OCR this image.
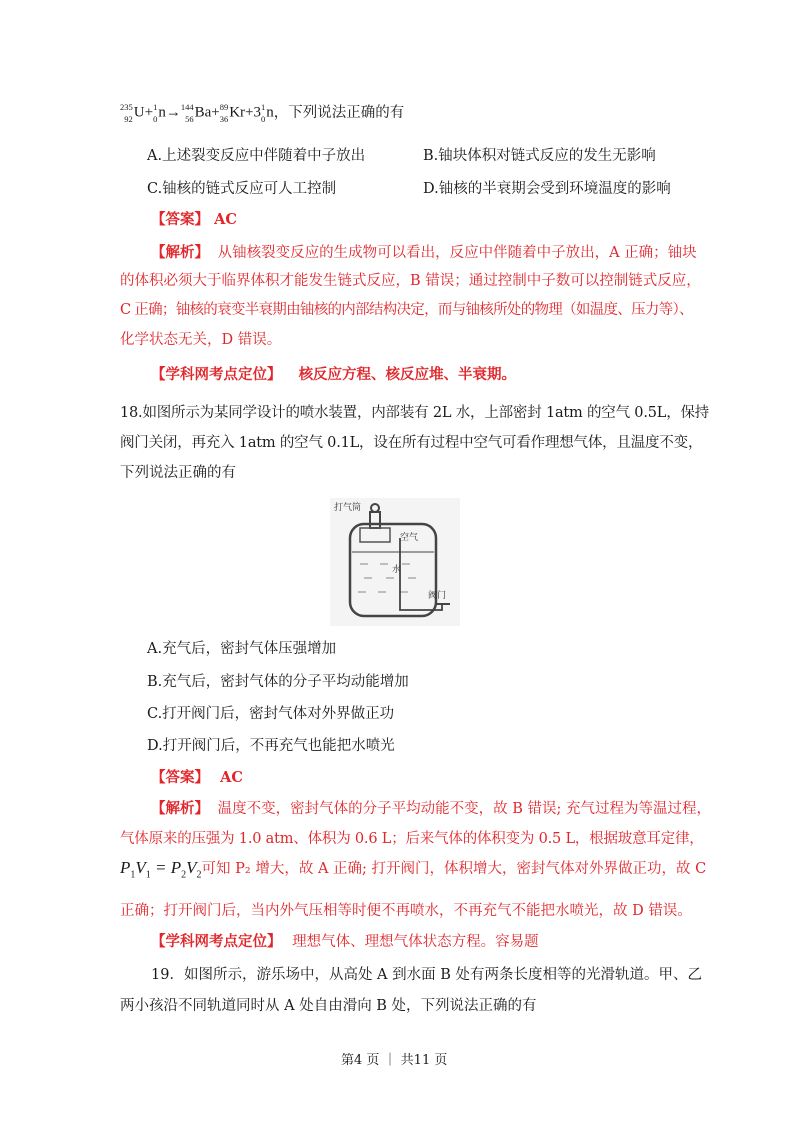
235
92 U+ 1
0 n→ 144
56 Ba+ 89
36 Kr+3 1
0 n，下列说法正确的有
A.上述裂变反应中伴随着中子放出	B.铀块体积对链式反应的发生无影响
C.铀核的链式反应可人工控制	D.铀核的半衰期会受到环境温度的影响
【答案】 AC
【解析】 从铀核裂变反应的生成物可以看出，反应中伴随着中子放出，A 正确；铀块
的体积必须大于临界体积才能发生链式反应，B 错误；通过控制中子数可以控制链式反应，
C 正确；铀核的衰变半衰期由铀核的内部结构决定，而与铀核所处的物理（如温度、压力等）、
化学状态无关，D 错误。
【学科网考点定位】 核反应方程、核反应堆、半衰期。
18.如图所示为某同学设计的喷水装置，内部装有 2L 水，上部密封 1atm 的空气 0.5L，保持
阀门关闭，再充入 1atm 的空气 0.1L，设在所有过程中空气可看作理想气体，且温度不变，
下列说法正确的有
打气筒
空气
水
阀门
A.充气后，密封气体压强增加
B.充气后，密封气体的分子平均动能增加
C.打开阀门后，密封气体对外界做正功
D.打开阀门后，不再充气也能把水喷光
【答案】 AC
【解析】 温度不变，密封气体的分子平均动能不变，故 B 错误; 充气过程为等温过程，
气体原来的压强为 1.0 atm、体积为 0.6 L；后来气体的体积变为 0.5 L，根据玻意耳定律，
$P_1V_1 = P_2V_2$可知 P₂ 增大，故 A 正确; 打开阀门，体积增大，密封气体对外界做正功，故 C
正确；打开阀门后，当内外气压相等时便不再喷水，不再充气不能把水喷光，故 D 错误。
【学科网考点定位】 理想气体、理想气体状态方程。容易题
19．如图所示，游乐场中，从高处 A 到水面 B 处有两条长度相等的光滑轨道。甲、乙
两小孩沿不同轨道同时从 A 处自由滑向 B 处，下列说法正确的有
第4 页 ｜ 共11 页
